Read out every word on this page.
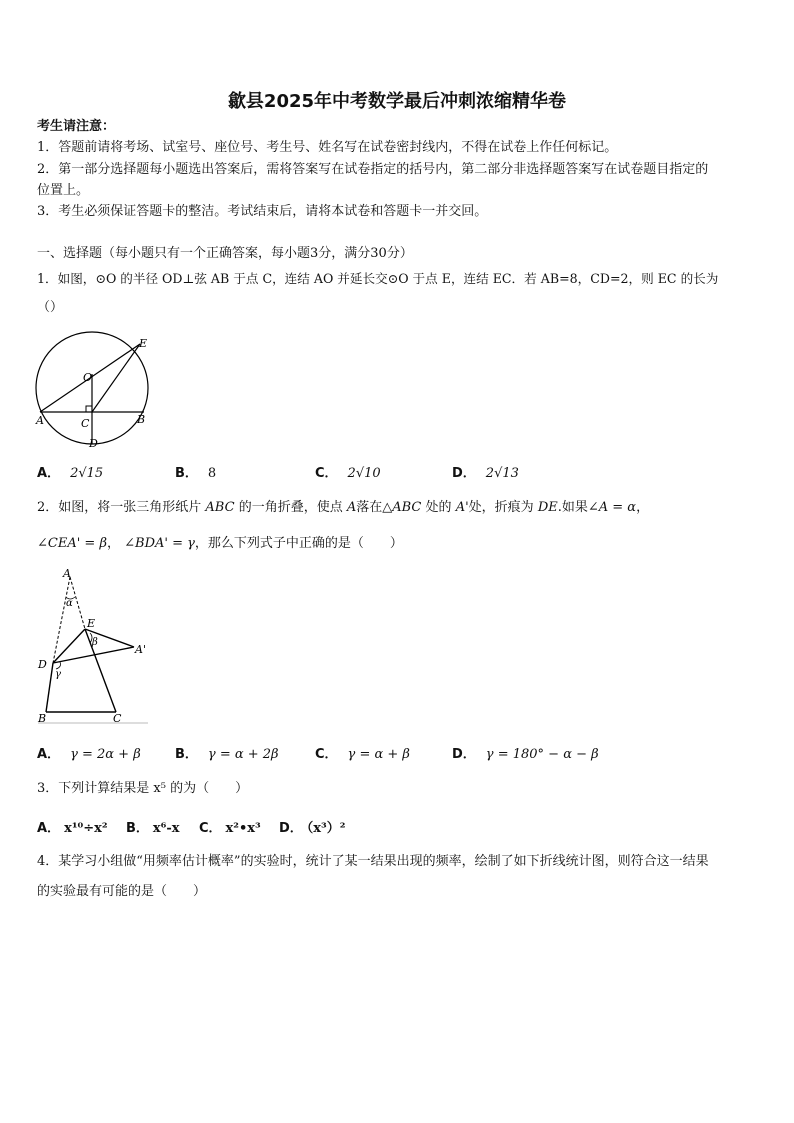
歙县2025年中考数学最后冲刺浓缩精华卷
考生请注意：
1．答题前请将考场、试室号、座位号、考生号、姓名写在试卷密封线内，不得在试卷上作任何标记。
2．第一部分选择题每小题选出答案后，需将答案写在试卷指定的括号内，第二部分非选择题答案写在试卷题目指定的
位置上。
3．考生必须保证答题卡的整洁。考试结束后，请将本试卷和答题卡一并交回。
一、选择题（每小题只有一个正确答案，每小题3分，满分30分）
1．如图，⊙O 的半径 OD⊥弦 AB 于点 C，连结 AO 并延长交⊙O 于点 E，连结 EC．若 AB=8，CD=2，则 EC 的长为
（）
E
O
A	B
C
D
A． 2√15	B． 8	C． 2√10	D． 2√13
2．如图，将一张三角形纸片 ABC 的一角折叠，使点 A落在△ABC 处的 A'处，折痕为 DE.如果∠A = α，
∠CEA' = β， ∠BDA' = γ，那么下列式子中正确的是（　　）
A
α
E
β
A'
D
γ
B	C
A． γ = 2α + β	B． γ = α + 2β	C． γ = α + β	D． γ = 180° − α − β
3．下列计算结果是 x⁵ 的为（　　）
A． x¹⁰÷x² B． x⁶-x C． x²•x³ D． （x³）²
4．某学习小组做“用频率估计概率”的实验时，统计了某一结果出现的频率，绘制了如下折线统计图，则符合这一结果
的实验最有可能的是（　　）
